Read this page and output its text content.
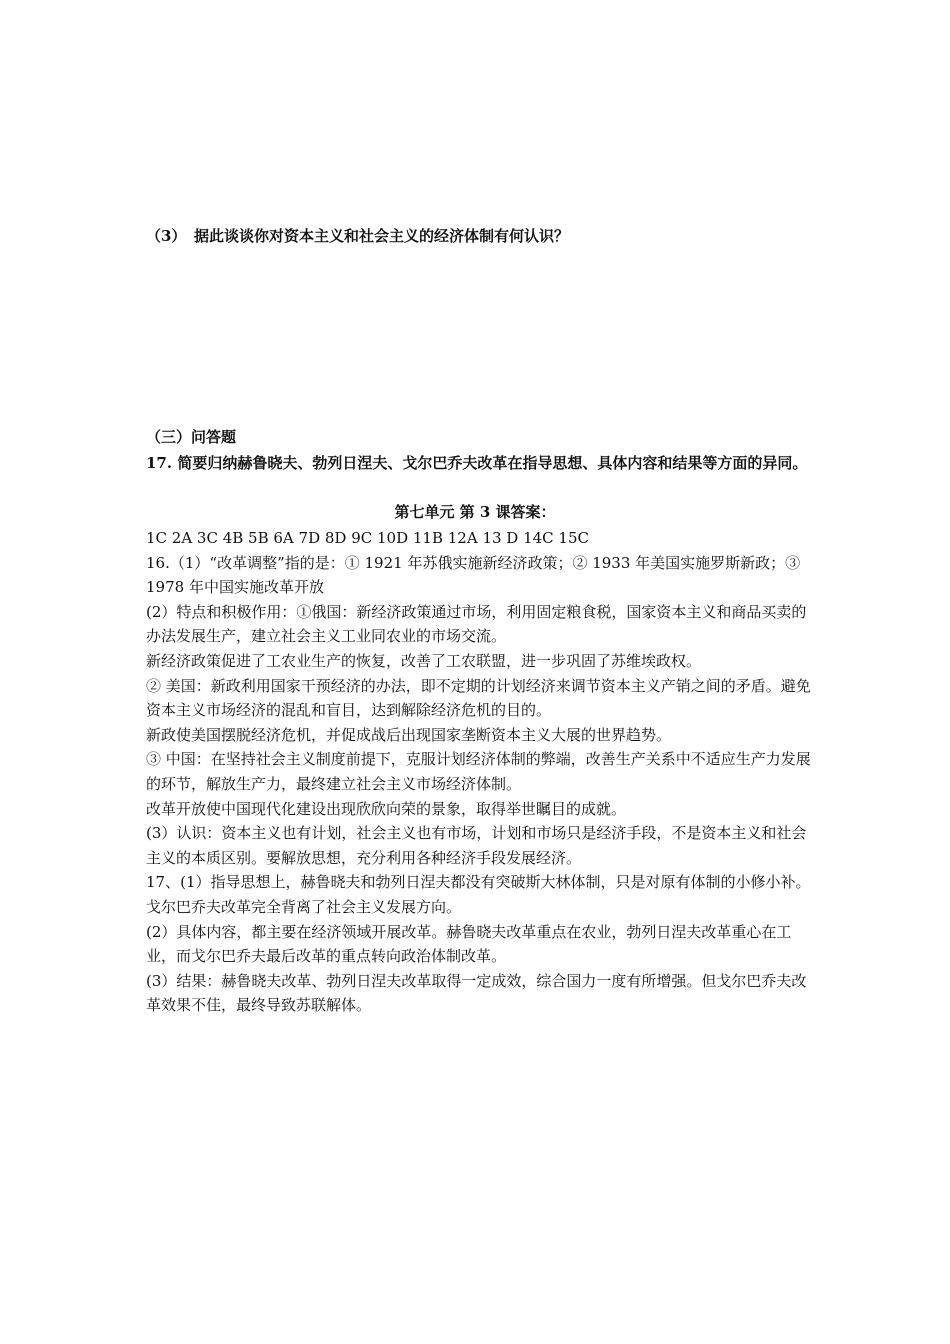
（3） 据此谈谈你对资本主义和社会主义的经济体制有何认识？
（三）问答题
17. 简要归纳赫鲁晓夫、勃列日涅夫、戈尔巴乔夫改革在指导思想、具体内容和结果等方面的异同。
第七单元 第 3 课答案：

1C 2A 3C 4B 5B 6A 7D 8D 9C 10D 11B 12A 13 D 14C 15C

16.（1）“改革调整”指的是：① 1921 年苏俄实施新经济政策；② 1933 年美国实施罗斯新政；③ 1978 年中国实施改革开放

(2）特点和积极作用：①俄国：新经济政策通过市场，利用固定粮食税，国家资本主义和商品买卖的办法发展生产，建立社会主义工业同农业的市场交流。

新经济政策促进了工农业生产的恢复，改善了工农联盟，进一步巩固了苏维埃政权。

② 美国：新政利用国家干预经济的办法，即不定期的计划经济来调节资本主义产销之间的矛盾。避免资本主义市场经济的混乱和盲目，达到解除经济危机的目的。

新政使美国摆脱经济危机，并促成战后出现国家垄断资本主义大展的世界趋势。

③ 中国：在坚持社会主义制度前提下，克服计划经济体制的弊端，改善生产关系中不适应生产力发展的环节，解放生产力，最终建立社会主义市场经济体制。

改革开放使中国现代化建设出现欣欣向荣的景象，取得举世瞩目的成就。

(3）认识：资本主义也有计划，社会主义也有市场，计划和市场只是经济手段，不是资本主义和社会主义的本质区别。要解放思想，充分利用各种经济手段发展经济。

17、(1）指导思想上，赫鲁晓夫和勃列日涅夫都没有突破斯大林体制，只是对原有体制的小修小补。戈尔巴乔夫改革完全背离了社会主义发展方向。

(2）具体内容，都主要在经济领域开展改革。赫鲁晓夫改革重点在农业，勃列日涅夫改革重心在工业，而戈尔巴乔夫最后改革的重点转向政治体制改革。

(3）结果：赫鲁晓夫改革、勃列日涅夫改革取得一定成效，综合国力一度有所增强。但戈尔巴乔夫改革效果不佳，最终导致苏联解体。
